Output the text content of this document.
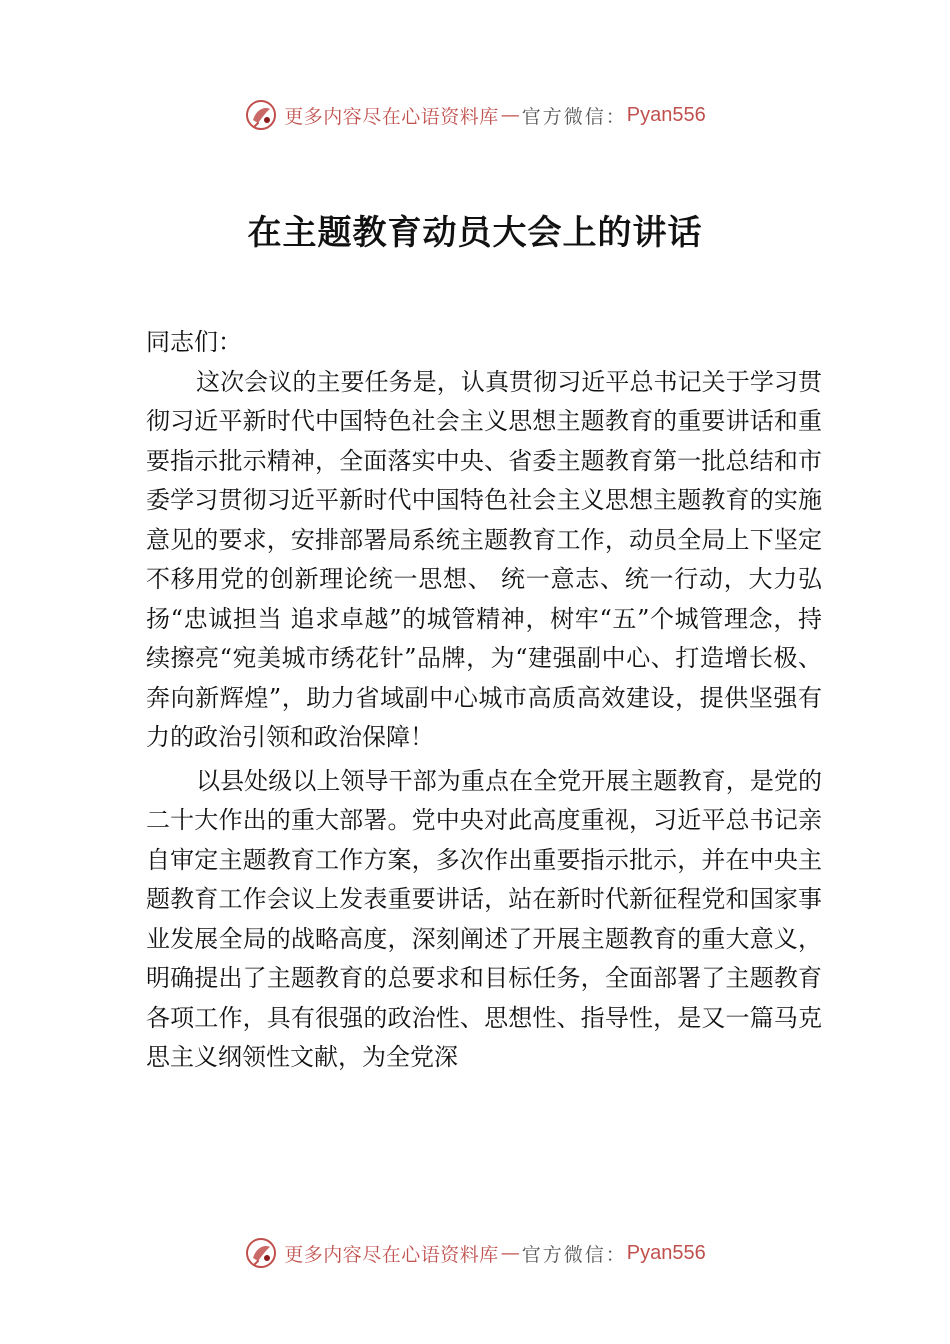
更多内容尽在心语资料库 — 官方微信： Pyan556
在主题教育动员大会上的讲话

同志们：

这次会议的主要任务是，认真贯彻习近平总书记关于学习贯彻习近平新时代中国特色社会主义思想主题教育的重要讲话和重要指示批示精神，全面落实中央、省委主题教育第一批总结和市委学习贯彻习近平新时代中国特色社会主义思想主题教育的实施意见的要求，安排部署局系统主题教育工作，动员全局上下坚定不移用党的创新理论统一思想、 统一意志、统一行动，大力弘扬“忠诚担当 追求卓越”的城管精神，树牢“五”个城管理念，持续擦亮“宛美城市绣花针”品牌，为“建强副中心、打造增长极、奔向新辉煌”，助力省域副中心城市高质高效建设，提供坚强有力的政治引领和政治保障！

以县处级以上领导干部为重点在全党开展主题教育，是党的二十大作出的重大部署。党中央对此高度重视，习近平总书记亲自审定主题教育工作方案，多次作出重要指示批示，并在中央主题教育工作会议上发表重要讲话，站在新时代新征程党和国家事业发展全局的战略高度，深刻阐述了开展主题教育的重大意义，明确提出了主题教育的总要求和目标任务，全面部署了主题教育各项工作，具有很强的政治性、思想性、指导性，是又一篇马克思主义纲领性文献，为全党深

更多内容尽在心语资料库 — 官方微信： Pyan556
